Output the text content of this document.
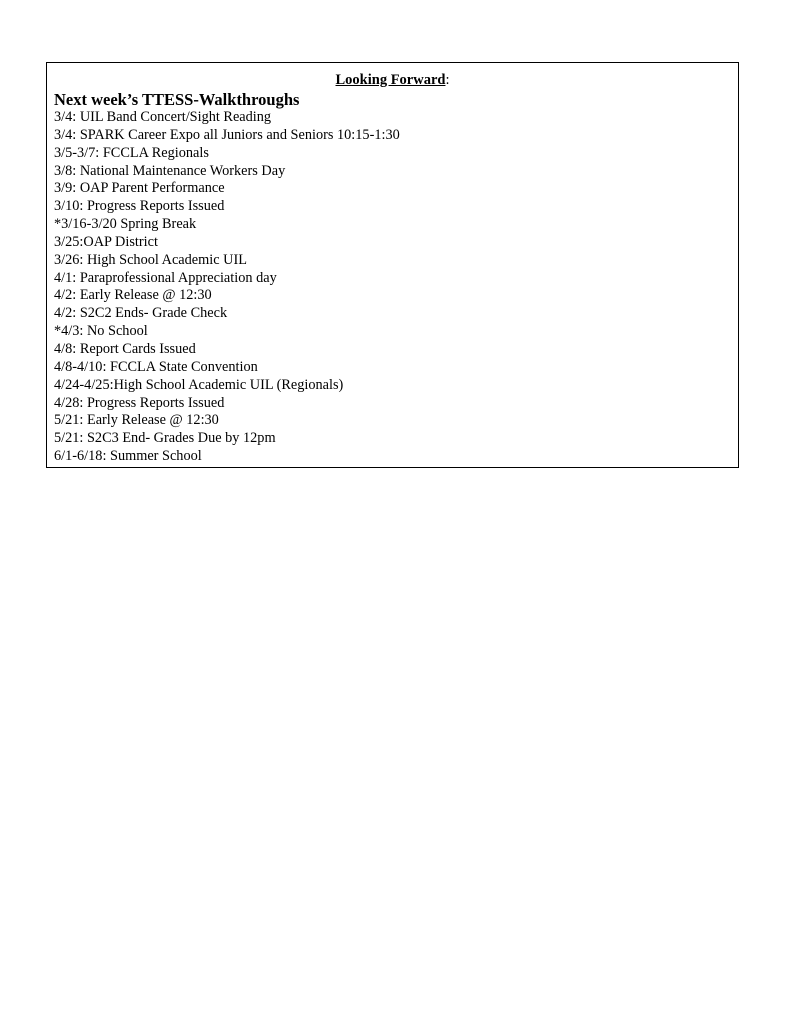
Looking Forward:
Next week’s TTESS-Walkthroughs
3/4: UIL Band Concert/Sight Reading
3/4: SPARK Career Expo all Juniors and Seniors 10:15-1:30
3/5-3/7: FCCLA Regionals
3/8: National Maintenance Workers Day
3/9: OAP Parent Performance
3/10: Progress Reports Issued
*3/16-3/20 Spring Break
3/25:OAP District
3/26: High School Academic UIL
4/1: Paraprofessional Appreciation day
4/2: Early Release @ 12:30
4/2: S2C2 Ends- Grade Check
*4/3: No School
4/8: Report Cards Issued
4/8-4/10: FCCLA State Convention
4/24-4/25:High School Academic UIL (Regionals)
4/28: Progress Reports Issued
5/21: Early Release @ 12:30
5/21: S2C3 End- Grades Due by 12pm
6/1-6/18: Summer School
